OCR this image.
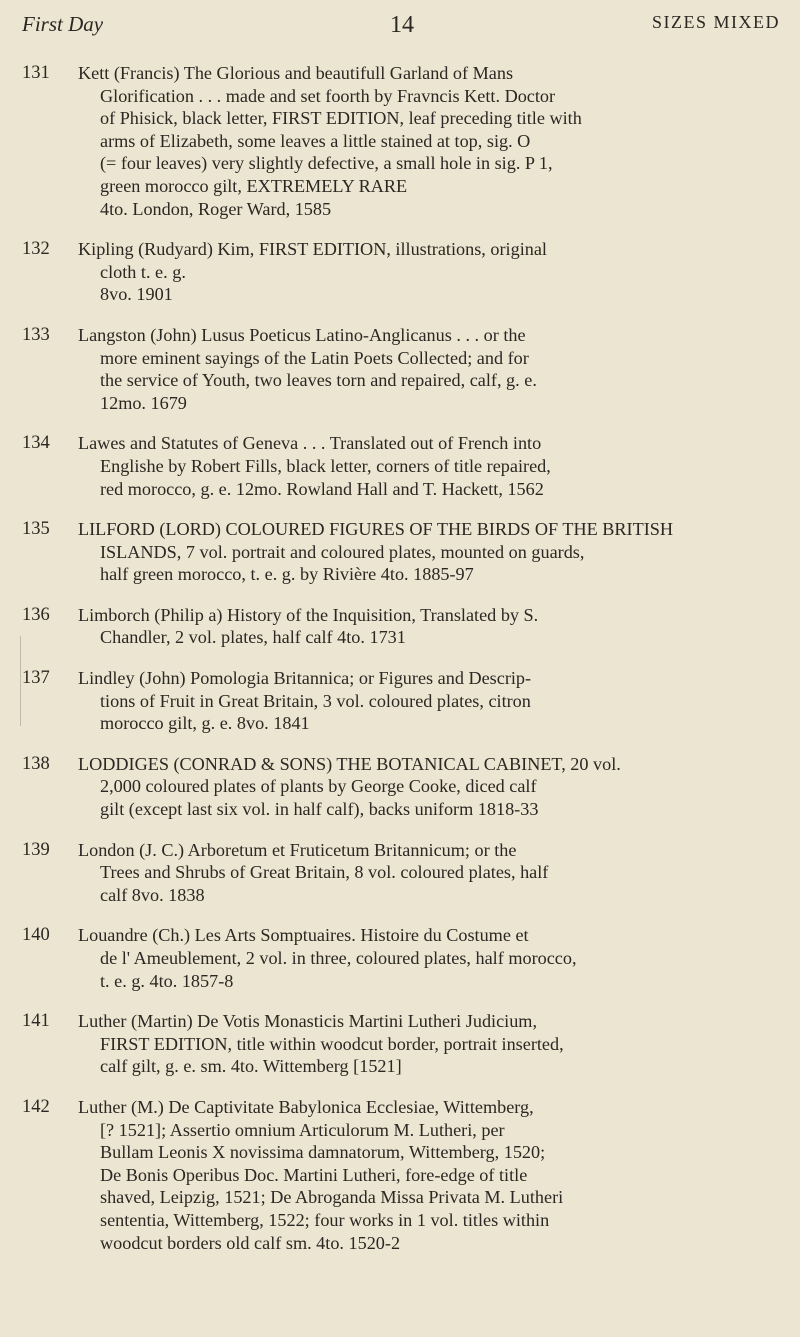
First Day	14	SIZES MIXED
131	Kett (Francis) The Glorious and beautifull Garland of Mans
Glorification . . . made and set foorth by Fravncis Kett. Doctor
of Phisick, black letter, FIRST EDITION, leaf preceding title with
arms of Elizabeth, some leaves a little stained at top, sig. O
(= four leaves) very slightly defective, a small hole in sig. P 1,
green morocco gilt, EXTREMELY RARE
4to. London, Roger Ward, 1585
132	Kipling (Rudyard) Kim, FIRST EDITION, illustrations, original
cloth t. e. g.
8vo. 1901
133	Langston (John) Lusus Poeticus Latino-Anglicanus . . . or the
more eminent sayings of the Latin Poets Collected; and for
the service of Youth, two leaves torn and repaired, calf, g. e.
12mo. 1679
134	Lawes and Statutes of Geneva . . . Translated out of French into
Englishe by Robert Fills, black letter, corners of title repaired,
red morocco, g. e. 12mo. Rowland Hall and T. Hackett, 1562
135	LILFORD (LORD) COLOURED FIGURES OF THE BIRDS OF THE BRITISH
ISLANDS, 7 vol. portrait and coloured plates, mounted on guards,
half green morocco, t. e. g. by Rivière 4to. 1885-97
136	Limborch (Philip a) History of the Inquisition, Translated by S.
Chandler, 2 vol. plates, half calf 4to. 1731
137	Lindley (John) Pomologia Britannica; or Figures and Descrip-
tions of Fruit in Great Britain, 3 vol. coloured plates, citron
morocco gilt, g. e. 8vo. 1841
138	LODDIGES (CONRAD & SONS) THE BOTANICAL CABINET, 20 vol.
2,000 coloured plates of plants by George Cooke, diced calf
gilt (except last six vol. in half calf), backs uniform 1818-33
139	London (J. C.) Arboretum et Fruticetum Britannicum; or the
Trees and Shrubs of Great Britain, 8 vol. coloured plates, half
calf 8vo. 1838
140	Louandre (Ch.) Les Arts Somptuaires. Histoire du Costume et
de l' Ameublement, 2 vol. in three, coloured plates, half morocco,
t. e. g. 4to. 1857-8
141	Luther (Martin) De Votis Monasticis Martini Lutheri Judicium,
FIRST EDITION, title within woodcut border, portrait inserted,
calf gilt, g. e. sm. 4to. Wittemberg [1521]
142	Luther (M.) De Captivitate Babylonica Ecclesiae, Wittemberg,
[? 1521]; Assertio omnium Articulorum M. Lutheri, per
Bullam Leonis X novissima damnatorum, Wittemberg, 1520;
De Bonis Operibus Doc. Martini Lutheri, fore-edge of title
shaved, Leipzig, 1521; De Abroganda Missa Privata M. Lutheri
sententia, Wittemberg, 1522; four works in 1 vol. titles within
woodcut borders old calf sm. 4to. 1520-2
